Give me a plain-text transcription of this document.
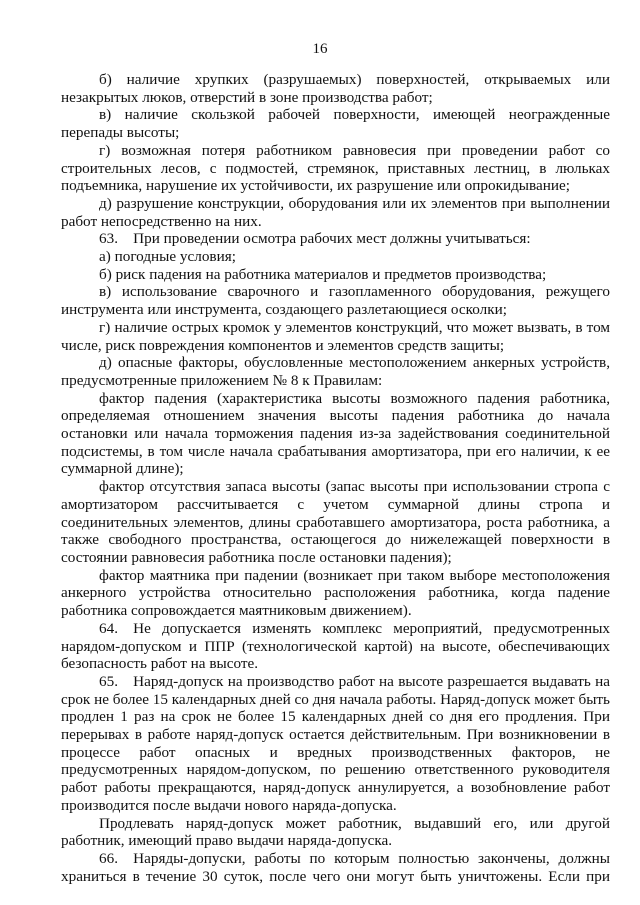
16

б) наличие хрупких (разрушаемых) поверхностей, открываемых или незакрытых люков, отверстий в зоне производства работ;

в) наличие скользкой рабочей поверхности, имеющей неогражденные перепады высоты;

г) возможная потеря работником равновесия при проведении работ со строительных лесов, с подмостей, стремянок, приставных лестниц, в люльках подъемника, нарушение их устойчивости, их разрушение или опрокидывание;

д) разрушение конструкции, оборудования или их элементов при выполнении работ непосредственно на них.

63. При проведении осмотра рабочих мест должны учитываться:

а) погодные условия;

б) риск падения на работника материалов и предметов производства;

в) использование сварочного и газопламенного оборудования, режущего инструмента или инструмента, создающего разлетающиеся осколки;

г) наличие острых кромок у элементов конструкций, что может вызвать, в том числе, риск повреждения компонентов и элементов средств защиты;

д) опасные факторы, обусловленные местоположением анкерных устройств, предусмотренные приложением № 8 к Правилам:

фактор падения (характеристика высоты возможного падения работника, определяемая отношением значения высоты падения работника до начала остановки или начала торможения падения из-за задействования соединительной подсистемы, в том числе начала срабатывания амортизатора, при его наличии, к ее суммарной длине);

фактор отсутствия запаса высоты (запас высоты при использовании стропа с амортизатором рассчитывается с учетом суммарной длины стропа и соединительных элементов, длины сработавшего амортизатора, роста работника, а также свободного пространства, остающегося до нижележащей поверхности в состоянии равновесия работника после остановки падения);

фактор маятника при падении (возникает при таком выборе местоположения анкерного устройства относительно расположения работника, когда падение работника сопровождается маятниковым движением).

64. Не допускается изменять комплекс мероприятий, предусмотренных нарядом-допуском и ППР (технологической картой) на высоте, обеспечивающих безопасность работ на высоте.

65. Наряд-допуск на производство работ на высоте разрешается выдавать на срок не более 15 календарных дней со дня начала работы. Наряд-допуск может быть продлен 1 раз на срок не более 15 календарных дней со дня его продления. При перерывах в работе наряд-допуск остается действительным. При возникновении в процессе работ опасных и вредных производственных факторов, не предусмотренных нарядом-допуском, по решению ответственного руководителя работ работы прекращаются, наряд-допуск аннулируется, а возобновление работ производится после выдачи нового наряда-допуска.

Продлевать наряд-допуск может работник, выдавший его, или другой работник, имеющий право выдачи наряда-допуска.

66. Наряды-допуски, работы по которым полностью закончены, должны храниться в течение 30 суток, после чего они могут быть уничтожены. Если при
